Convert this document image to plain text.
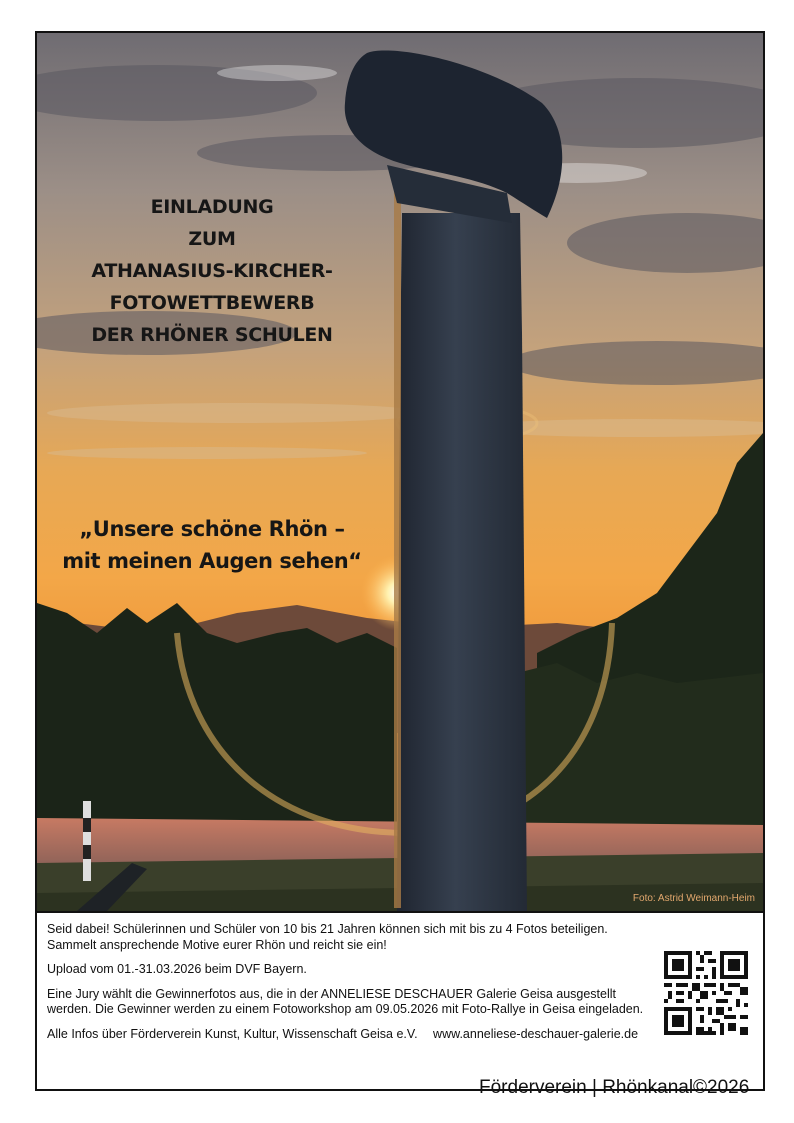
EINLADUNG
ZUM
ATHANASIUS-KIRCHER-
FOTOWETTBEWERB
DER RHÖNER SCHULEN
„Unsere schöne Rhön –
mit meinen Augen sehen“
Foto: Astrid Weimann-Heim

Seid dabei! Schülerinnen und Schüler von 10 bis 21 Jahren können sich mit bis zu 4 Fotos beteiligen. Sammelt ansprechende Motive eurer Rhön und reicht sie ein!

Upload vom 01.-31.03.2026 beim DVF Bayern.

Eine Jury wählt die Gewinnerfotos aus, die in der ANNELIESE DESCHAUER Galerie Geisa ausgestellt werden. Die Gewinner werden zu einem Fotoworkshop am 09.05.2026 mit Foto-Rallye in Geisa eingeladen.

Alle Infos über Förderverein Kunst, Kultur, Wissenschaft Geisa e.V. www.anneliese-deschauer-galerie.de

Förderverein | Rhönkanal©2026
